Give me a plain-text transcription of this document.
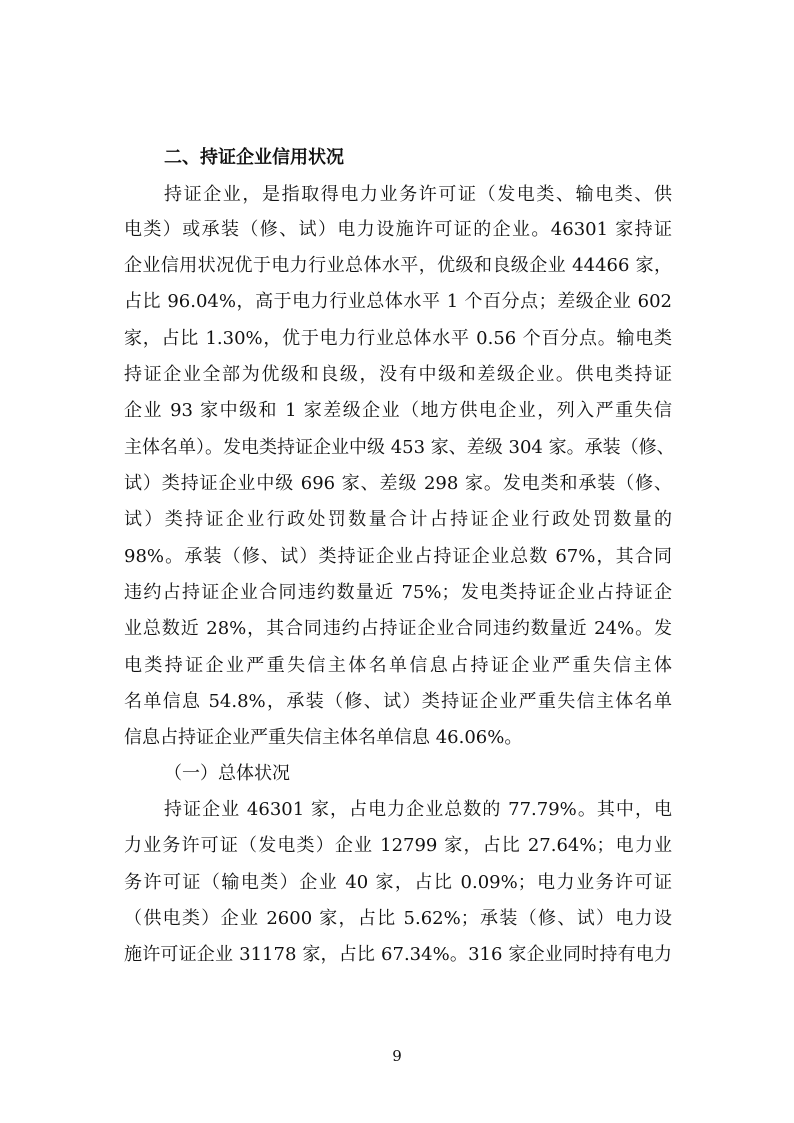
二、持证企业信用状况
持证企业，是指取得电力业务许可证（发电类、输电类、供
电类）或承装（修、试）电力设施许可证的企业。46301 家持证
企业信用状况优于电力行业总体水平，优级和良级企业 44466 家，
占比 96.04%，高于电力行业总体水平 1 个百分点；差级企业 602
家，占比 1.30%，优于电力行业总体水平 0.56 个百分点。输电类
持证企业全部为优级和良级，没有中级和差级企业。供电类持证
企业 93 家中级和 1 家差级企业（地方供电企业，列入严重失信
主体名单）。发电类持证企业中级 453 家、差级 304 家。承装（修、
试）类持证企业中级 696 家、差级 298 家。发电类和承装（修、
试）类持证企业行政处罚数量合计占持证企业行政处罚数量的
98%。承装（修、试）类持证企业占持证企业总数 67%，其合同
违约占持证企业合同违约数量近 75%；发电类持证企业占持证企
业总数近 28%，其合同违约占持证企业合同违约数量近 24%。发
电类持证企业严重失信主体名单信息占持证企业严重失信主体
名单信息 54.8%，承装（修、试）类持证企业严重失信主体名单
信息占持证企业严重失信主体名单信息 46.06%。
（一）总体状况
持证企业 46301 家，占电力企业总数的 77.79%。其中，电
力业务许可证（发电类）企业 12799 家，占比 27.64%；电力业
务许可证（输电类）企业 40 家，占比 0.09%；电力业务许可证
（供电类）企业 2600 家，占比 5.62%；承装（修、试）电力设
施许可证企业 31178 家，占比 67.34%。316 家企业同时持有电力
9
